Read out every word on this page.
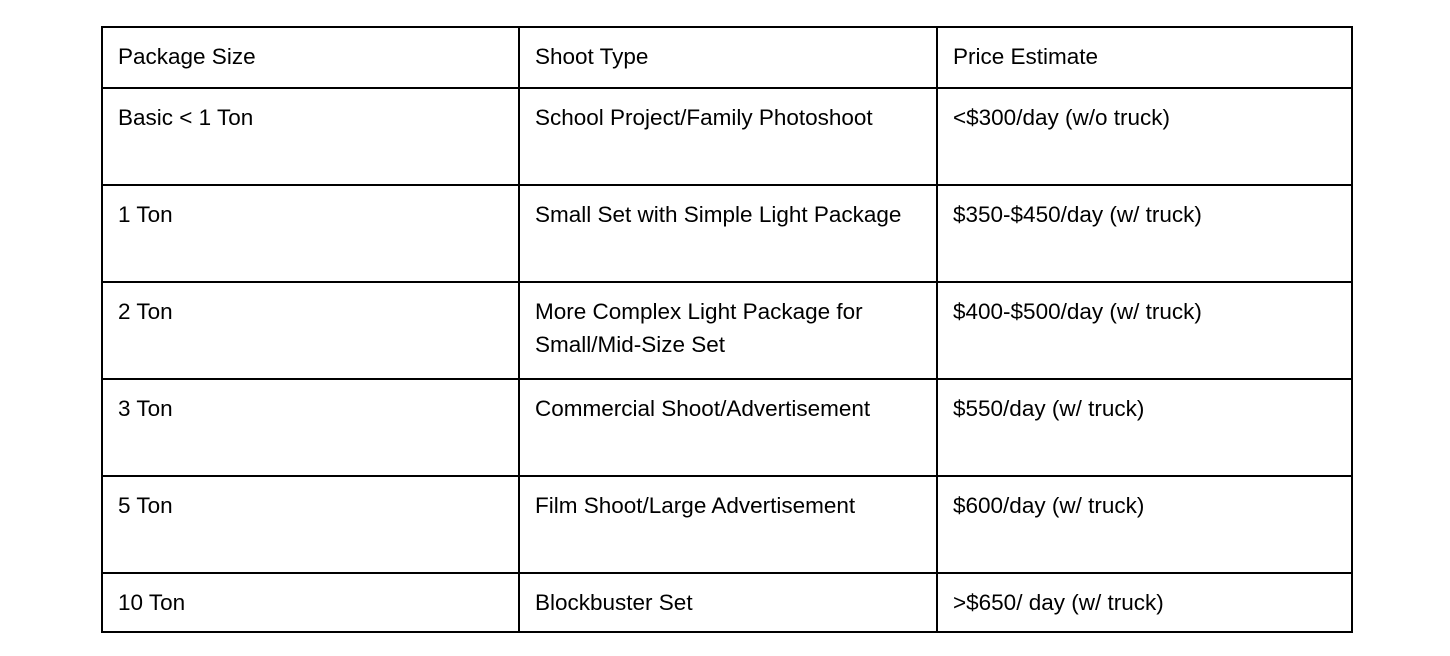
Package Size	Shoot Type	Price Estimate
Basic < 1 Ton	School Project/Family Photoshoot	<$300/day (w/o truck)
1 Ton	Small Set with Simple Light Package	$350-$450/day (w/ truck)
2 Ton	More Complex Light Package for Small/Mid-Size Set	$400-$500/day (w/ truck)
3 Ton	Commercial Shoot/Advertisement	$550/day (w/ truck)
5 Ton	Film Shoot/Large Advertisement	$600/day (w/ truck)
10 Ton	Blockbuster Set	>$650/ day (w/ truck)
